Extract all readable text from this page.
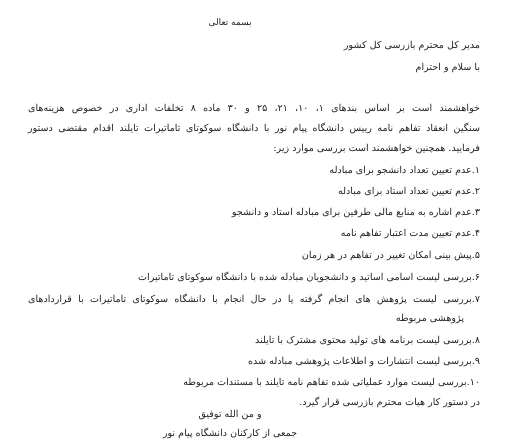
بسمه تعالی
مدیر کل محترم بازرسی کل کشور
با سلام و احترام
خواهشمند است بر اساس بندهای ۱، ۱۰، ۲۱، ۲۵ و ۳۰ ماده ۸ تخلفات اداری در خصوص هزینه‌های
سنگین انعقاد تفاهم نامه رییس دانشگاه پیام نور با دانشگاه سوکوتای تاماتیرات تایلند اقدام مقتضی دستور
فرمایید. همچنین خواهشمند است بررسی موارد زیر:
۱.عدم تعیین تعداد دانشجو برای مبادله
۲.عدم تعیین تعداد استاد برای مبادله
۳.عدم اشاره به منابع مالی طرفین برای مبادله استاد و دانشجو
۴.عدم تعیین مدت اعتبار تفاهم نامه
۵.پیش بینی امکان تغییر در تفاهم در هر زمان
۶.بررسی لیست اسامی اساتید و دانشجویان مبادله شده با دانشگاه سوکوتای تاماتیرات
۷.بررسی لیست پژوهش های انجام گرفته یا در حال انجام با دانشگاه سوکوتای تاماتیرات با قراردادهای
پژوهشی مربوطه
۸.بررسی لیست برنامه های تولید محتوی مشترک با تایلند
۹.بررسی لیست انتشارات و اطلاعات پژوهشی مبادله شده
۱۰.بررسی لیست موارد عملیاتی شده تفاهم نامه تایلند با مستندات مربوطه
در دستور کار هیات محترم بازرسی قرار گیرد.
و من الله توفیق
جمعی از کارکنان دانشگاه پیام نور
